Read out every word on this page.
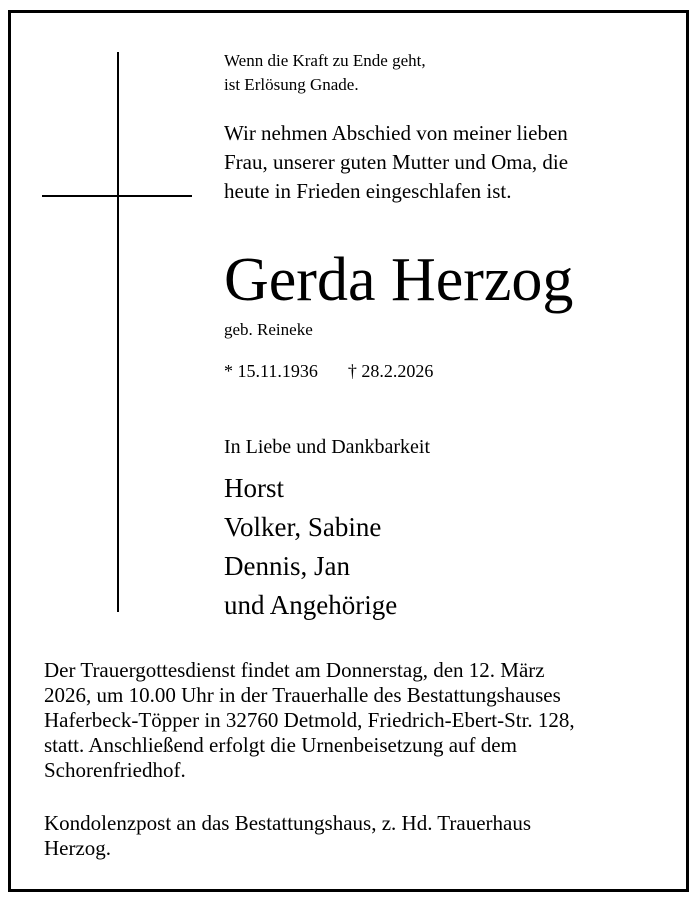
Wenn die Kraft zu Ende geht,
ist Erlösung Gnade.

Wir nehmen Abschied von meiner lieben
Frau, unserer guten Mutter und Oma, die
heute in Frieden eingeschlafen ist.

Gerda Herzog

geb. Reineke

* 15.11.1936 † 28.2.2026

In Liebe und Dankbarkeit

Horst
Volker, Sabine
Dennis, Jan
und Angehörige

Der Trauergottesdienst findet am Donnerstag, den 12. März
2026, um 10.00 Uhr in der Trauerhalle des Bestattungshauses
Haferbeck-Töpper in 32760 Detmold, Friedrich-Ebert-Str. 128,
statt. Anschließend erfolgt die Urnenbeisetzung auf dem
Schorenfriedhof.

Kondolenzpost an das Bestattungshaus, z. Hd. Trauerhaus
Herzog.
